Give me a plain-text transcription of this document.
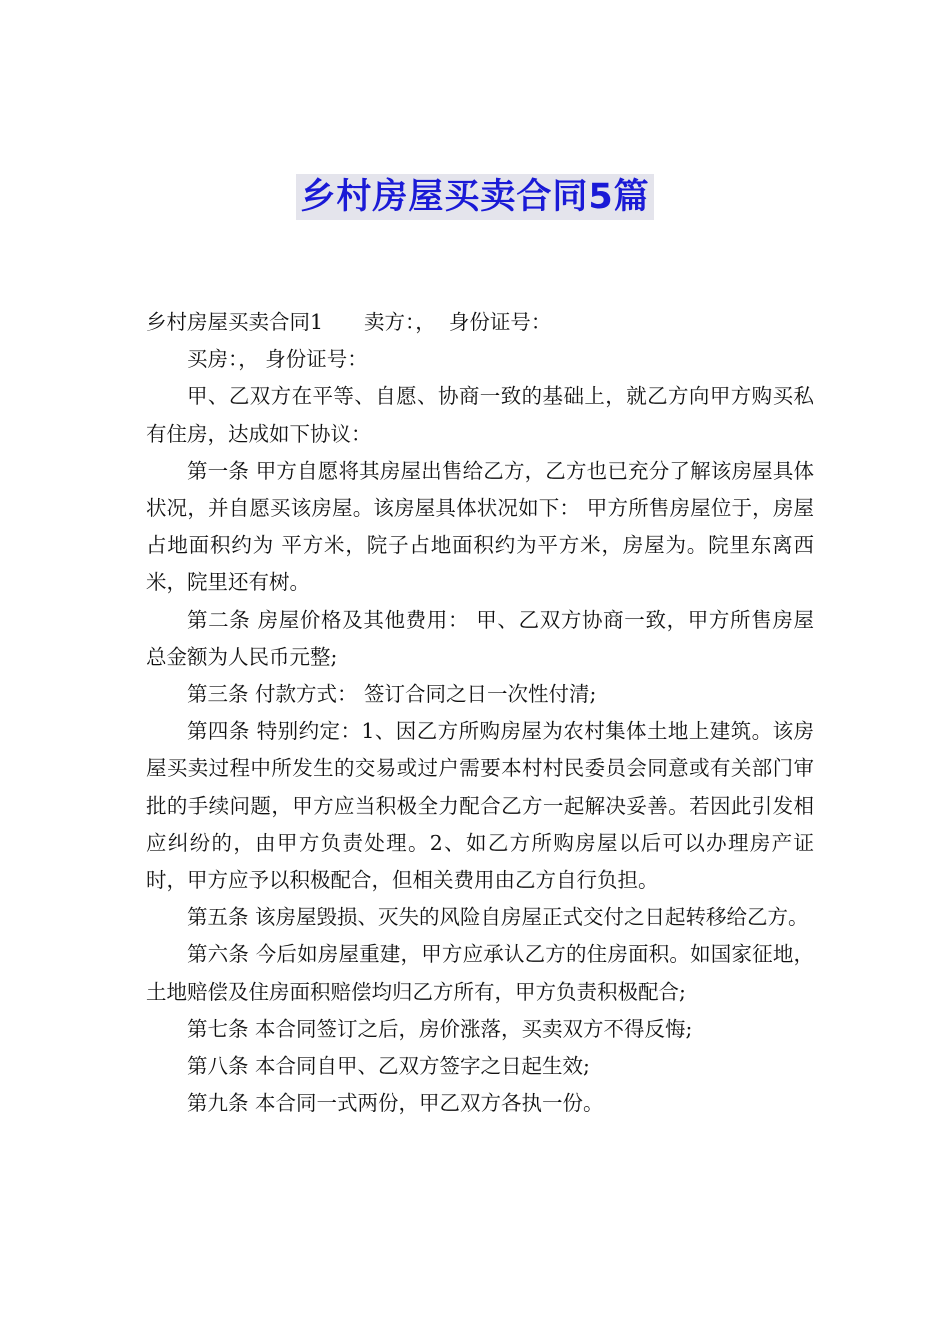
乡村房屋买卖合同5篇

乡村房屋买卖合同1　　卖方：，  身份证号：

买房：， 身份证号：

甲、乙双方在平等、自愿、协商一致的基础上，就乙方向甲方购买私有住房，达成如下协议：

第一条 甲方自愿将其房屋出售给乙方，乙方也已充分了解该房屋具体状况，并自愿买该房屋。该房屋具体状况如下： 甲方所售房屋位于，房屋占地面积约为 平方米，院子占地面积约为平方米，房屋为。院里东离西米，院里还有树。

第二条 房屋价格及其他费用： 甲、乙双方协商一致，甲方所售房屋总金额为人民币元整;

第三条 付款方式： 签订合同之日一次性付清;

第四条 特别约定：1、因乙方所购房屋为农村集体土地上建筑。该房屋买卖过程中所发生的交易或过户需要本村村民委员会同意或有关部门审批的手续问题，甲方应当积极全力配合乙方一起解决妥善。若因此引发相应纠纷的，由甲方负责处理。2、如乙方所购房屋以后可以办理房产证时，甲方应予以积极配合，但相关费用由乙方自行负担。

第五条 该房屋毁损、灭失的风险自房屋正式交付之日起转移给乙方。

第六条 今后如房屋重建，甲方应承认乙方的住房面积。如国家征地，土地赔偿及住房面积赔偿均归乙方所有，甲方负责积极配合;

第七条 本合同签订之后，房价涨落，买卖双方不得反悔;

第八条 本合同自甲、乙双方签字之日起生效;

第九条 本合同一式两份，甲乙双方各执一份。
